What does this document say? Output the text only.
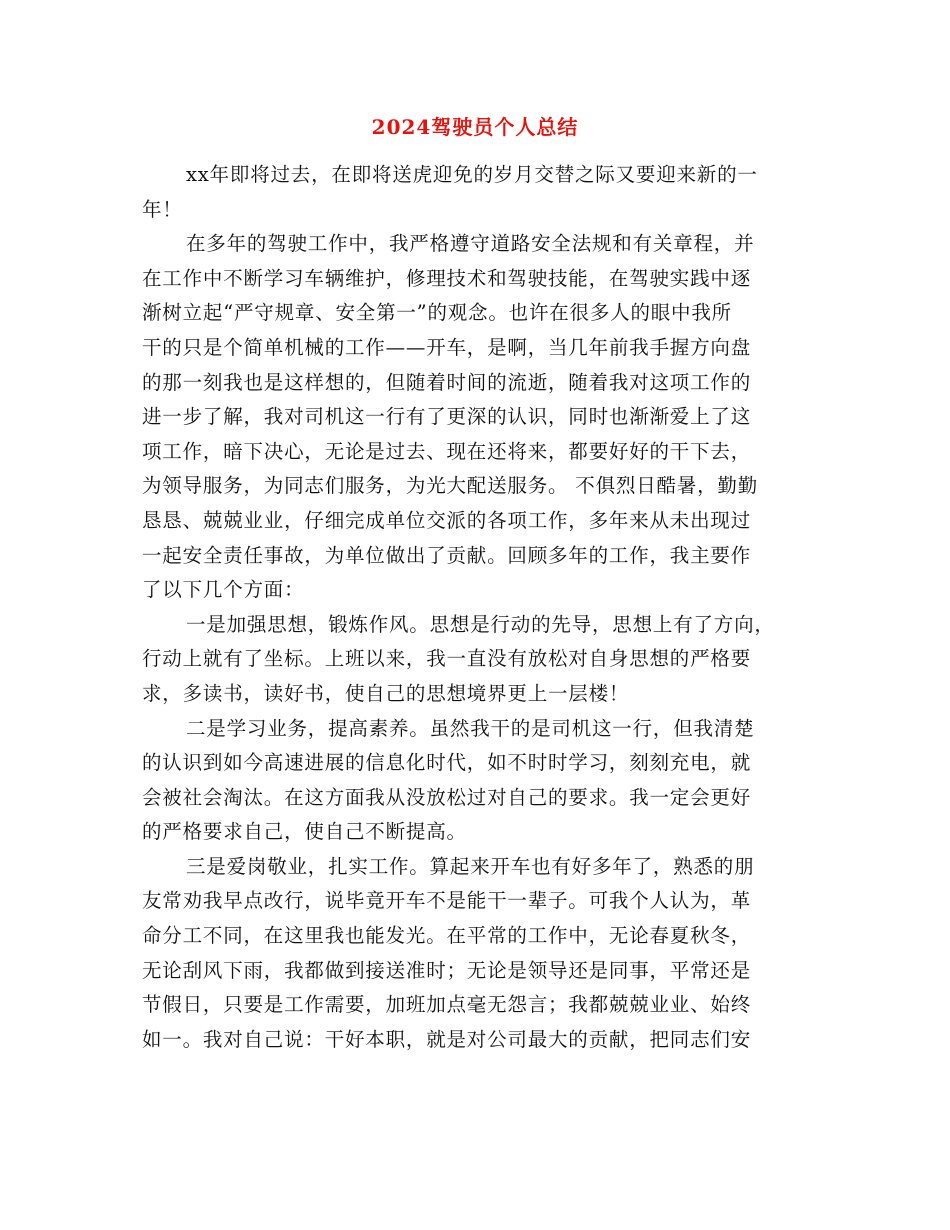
2024驾驶员个人总结
xx年即将过去，在即将送虎迎免的岁月交替之际又要迎来新的一
年！
在多年的驾驶工作中，我严格遵守道路安全法规和有关章程，并
在工作中不断学习车辆维护，修理技术和驾驶技能，在驾驶实践中逐
渐树立起“严守规章、安全第一”的观念。也许在很多人的眼中我所
干的只是个简单机械的工作——开车，是啊，当几年前我手握方向盘
的那一刻我也是这样想的，但随着时间的流逝，随着我对这项工作的
进一步了解，我对司机这一行有了更深的认识，同时也渐渐爱上了这
项工作，暗下决心，无论是过去、现在还将来，都要好好的干下去，
为领导服务，为同志们服务，为光大配送服务。 不俱烈日酷暑，勤勤
恳恳、兢兢业业，仔细完成单位交派的各项工作，多年来从未出现过
一起安全责任事故，为单位做出了贡献。回顾多年的工作，我主要作
了以下几个方面：
一是加强思想，锻炼作风。思想是行动的先导，思想上有了方向，
行动上就有了坐标。上班以来，我一直没有放松对自身思想的严格要
求，多读书，读好书，使自己的思想境界更上一层楼！
二是学习业务，提高素养。虽然我干的是司机这一行，但我清楚
的认识到如今高速进展的信息化时代，如不时时学习，刻刻充电，就
会被社会淘汰。在这方面我从没放松过对自己的要求。我一定会更好
的严格要求自己，使自己不断提高。
三是爱岗敬业，扎实工作。算起来开车也有好多年了，熟悉的朋
友常劝我早点改行，说毕竟开车不是能干一辈子。可我个人认为，革
命分工不同，在这里我也能发光。在平常的工作中，无论春夏秋冬，
无论刮风下雨，我都做到接送准时；无论是领导还是同事，平常还是
节假日，只要是工作需要，加班加点毫无怨言；我都兢兢业业、始终
如一。我对自己说：干好本职，就是对公司最大的贡献，把同志们安
